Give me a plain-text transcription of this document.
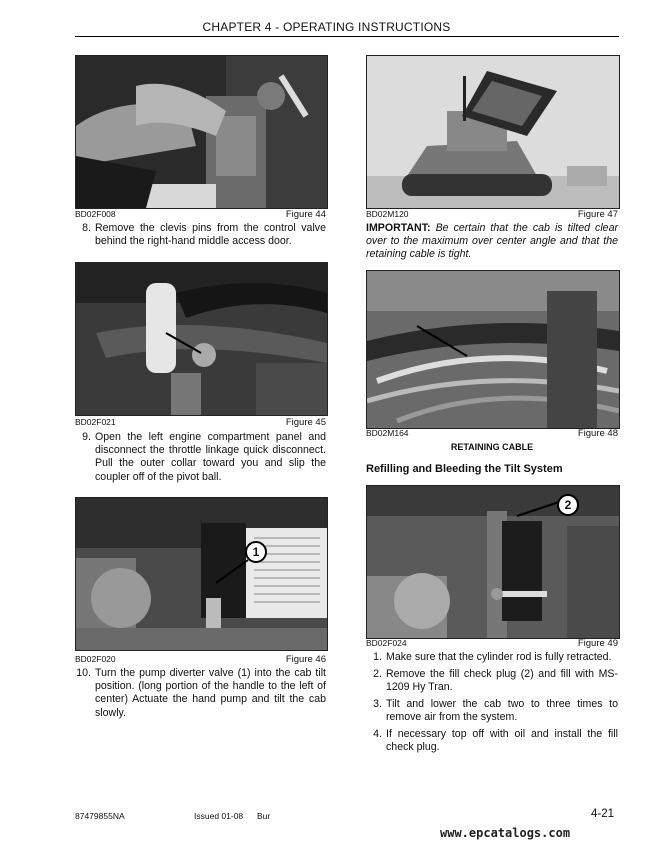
CHAPTER 4 - OPERATING INSTRUCTIONS
BD02F008	Figure 44
8. Remove the clevis pins from the control valve behind the right-hand middle access door.
BD02F021	Figure 45
9. Open the left engine compartment panel and disconnect the throttle linkage quick disconnect. Pull the outer collar toward you and slip the coupler off of the pivot ball.
1
BD02F020	Figure 46
10. Turn the pump diverter valve (1) into the cab tilt position. (long portion of the handle to the left of center) Actuate the hand pump and tilt the cab slowly.
BD02M120	Figure 47
IMPORTANT: Be certain that the cab is tilted clear over to the maximum over center angle and that the retaining cable is tight.
BD02M164	Figure 48
RETAINING CABLE
Refilling and Bleeding the Tilt System
2
BD02F024	Figure 49
1. Make sure that the cylinder rod is fully retracted.
2. Remove the fill check plug (2) and fill with MS-1209 Hy Tran.
3. Tilt and lower the cab two to three times to remove air from the system.
4. If necessary top off with oil and install the fill check plug.
87479855NA	Issued 01-08 Bur	4-21
www.epcatalogs.com
